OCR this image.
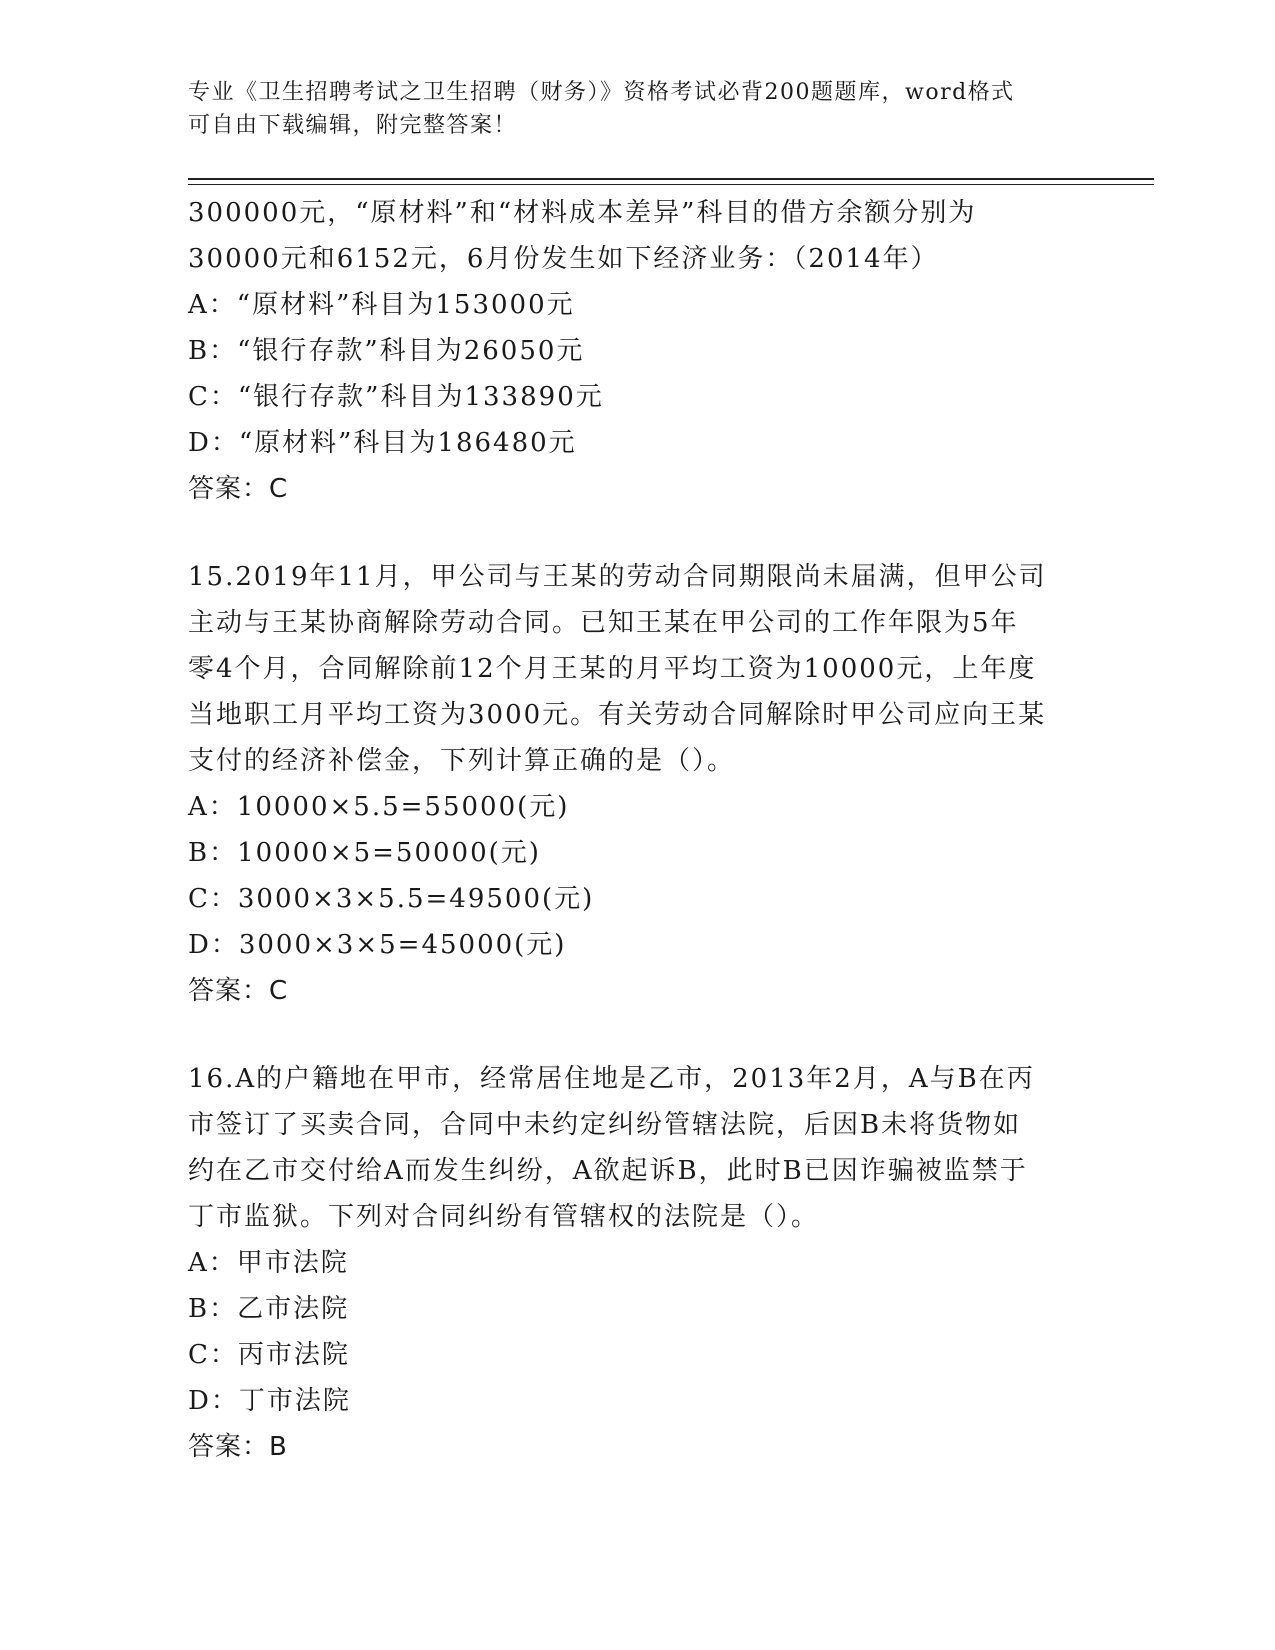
专业《卫生招聘考试之卫生招聘（财务）》资格考试必背200题题库，word格式
可自由下载编辑，附完整答案！
300000元，“原材料”和“材料成本差异”科目的借方余额分别为
30000元和6152元，6月份发生如下经济业务：（2014年）
A：“原材料”科目为153000元
B：“银行存款”科目为26050元
C：“银行存款”科目为133890元
D：“原材料”科目为186480元
答案：C
15.2019年11月，甲公司与王某的劳动合同期限尚未届满，但甲公司
主动与王某协商解除劳动合同。已知王某在甲公司的工作年限为5年
零4个月，合同解除前12个月王某的月平均工资为10000元，上年度
当地职工月平均工资为3000元。有关劳动合同解除时甲公司应向王某
支付的经济补偿金，下列计算正确的是（）。
A：10000×5.5=55000(元)
B：10000×5=50000(元)
C：3000×3×5.5=49500(元)
D：3000×3×5=45000(元)
答案：C
16.A的户籍地在甲市，经常居住地是乙市，2013年2月，A与B在丙
市签订了买卖合同，合同中未约定纠纷管辖法院，后因B未将货物如
约在乙市交付给A而发生纠纷，A欲起诉B，此时B已因诈骗被监禁于
丁市监狱。下列对合同纠纷有管辖权的法院是（）。
A：甲市法院
B：乙市法院
C：丙市法院
D：丁市法院
答案：B
